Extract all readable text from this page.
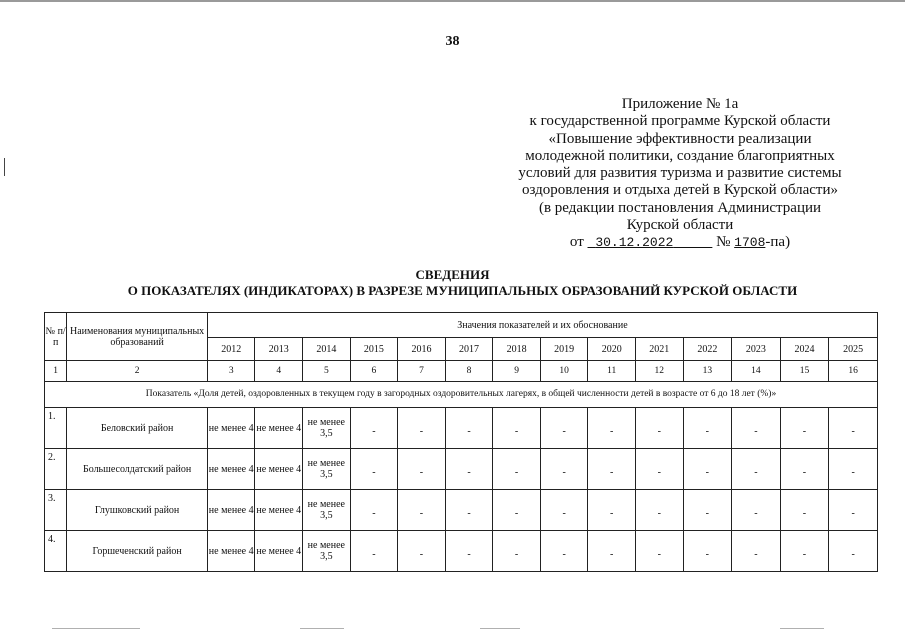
38
Приложение № 1а
к государственной программе Курской области
«Повышение эффективности реализации
молодежной политики, создание благоприятных
условий для развития туризма и развитие системы
оздоровления и отдыха детей в Курской области»
(в редакции постановления Администрации
Курской области
от 30.12.2022	№ 1708-па)
СВЕДЕНИЯ
О ПОКАЗАТЕЛЯХ (ИНДИКАТОРАХ) В РАЗРЕЗЕ МУНИЦИПАЛЬНЫХ ОБРАЗОВАНИЙ КУРСКОЙ ОБЛАСТИ
№ п/п	Наименования муниципальных образований	Значения показателей и их обоснование													
		2012	2013	2014	2015	2016	2017	2018	2019	2020	2021	2022	2023	2024	2025
1	2	3	4	5	6	7	8	9	10	11	12	13	14	15	16
Показатель «Доля детей, оздоровленных в текущем году в загородных оздоровительных лагерях, в общей численности детей в возрасте от 6 до 18 лет (%)»															
1.	Беловский район	не менее 4	не менее 4	не менее 3,5	-	-	-	-	-	-	-	-	-	-	-
2.	Большесолдатский район	не менее 4	не менее 4	не менее 3,5	-	-	-	-	-	-	-	-	-	-	-
3.	Глушковский район	не менее 4	не менее 4	не менее 3,5	-	-	-	-	-	-	-	-	-	-	-
4.	Горшеченский район	не менее 4	не менее 4	не менее 3,5	-	-	-	-	-	-	-	-	-	-	-
